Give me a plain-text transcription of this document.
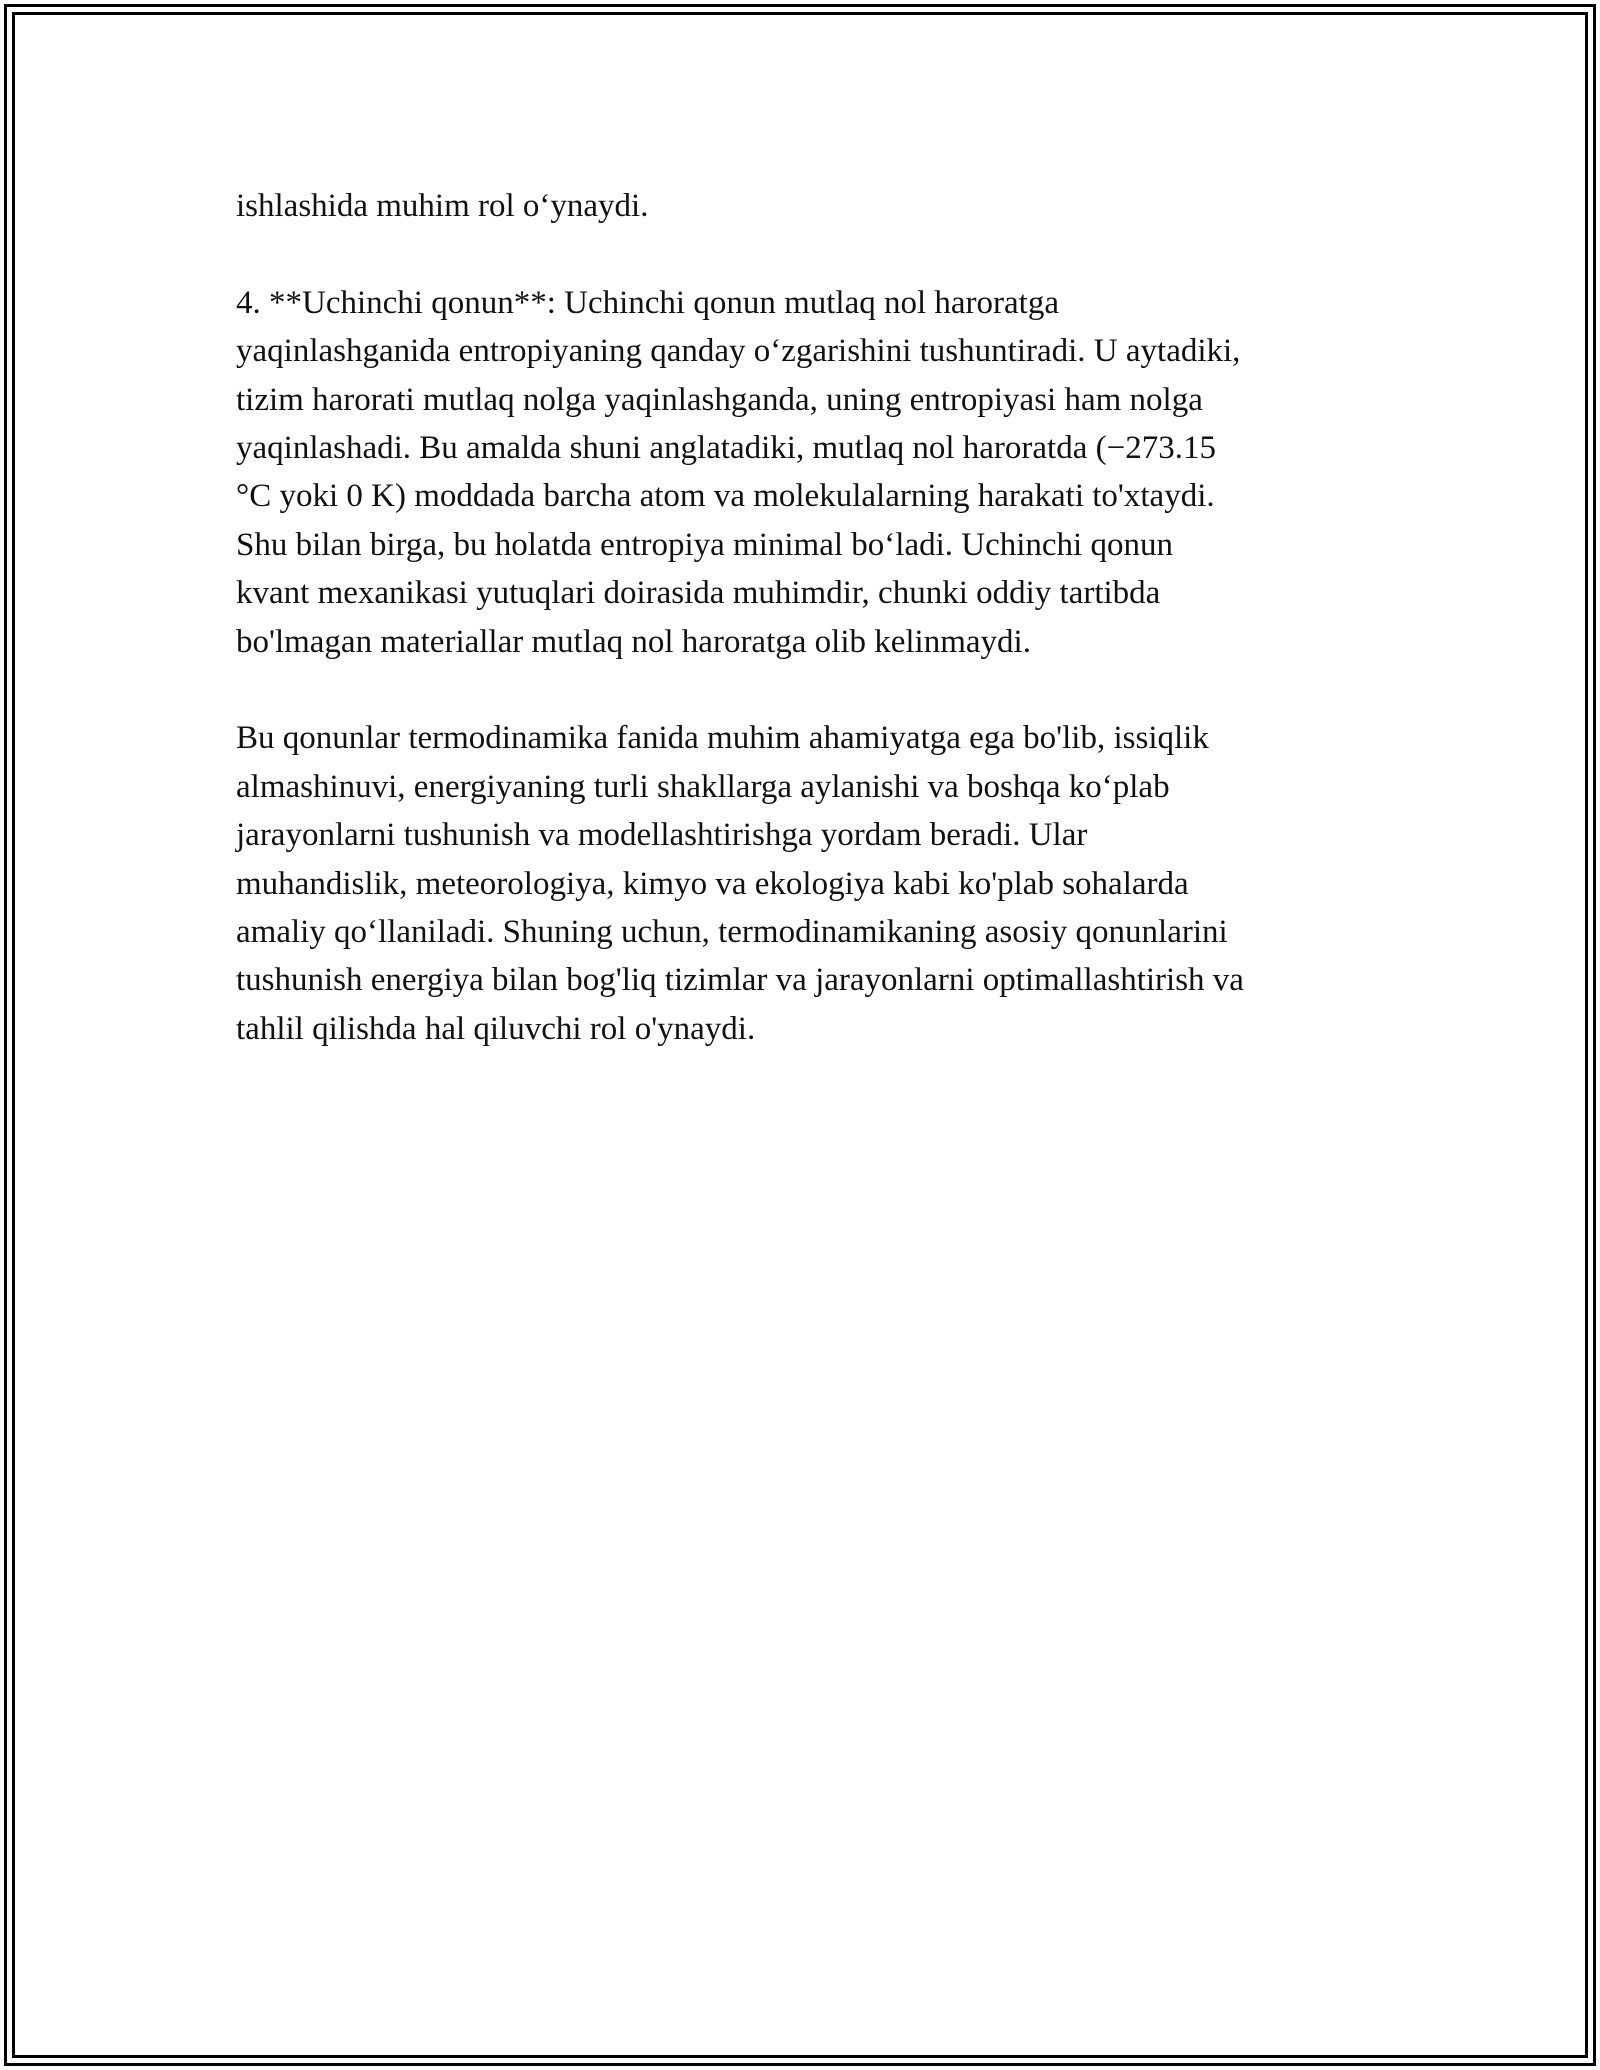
ishlashida muhim rol o‘ynaydi.

4. **Uchinchi qonun**: Uchinchi qonun mutlaq nol haroratga
yaqinlashganida entropiyaning qanday o‘zgarishini tushuntiradi. U aytadiki,
tizim harorati mutlaq nolga yaqinlashganda, uning entropiyasi ham nolga
yaqinlashadi. Bu amalda shuni anglatadiki, mutlaq nol haroratda (−273.15
°C yoki 0 K) moddada barcha atom va molekulalarning harakati to'xtaydi.
Shu bilan birga, bu holatda entropiya minimal bo‘ladi. Uchinchi qonun
kvant mexanikasi yutuqlari doirasida muhimdir, chunki oddiy tartibda
bo'lmagan materiallar mutlaq nol haroratga olib kelinmaydi.

Bu qonunlar termodinamika fanida muhim ahamiyatga ega bo'lib, issiqlik
almashinuvi, energiyaning turli shakllarga aylanishi va boshqa ko‘plab
jarayonlarni tushunish va modellashtirishga yordam beradi. Ular
muhandislik, meteorologiya, kimyo va ekologiya kabi ko'plab sohalarda
amaliy qo‘llaniladi. Shuning uchun, termodinamikaning asosiy qonunlarini
tushunish energiya bilan bog'liq tizimlar va jarayonlarni optimallashtirish va
tahlil qilishda hal qiluvchi rol o'ynaydi.
